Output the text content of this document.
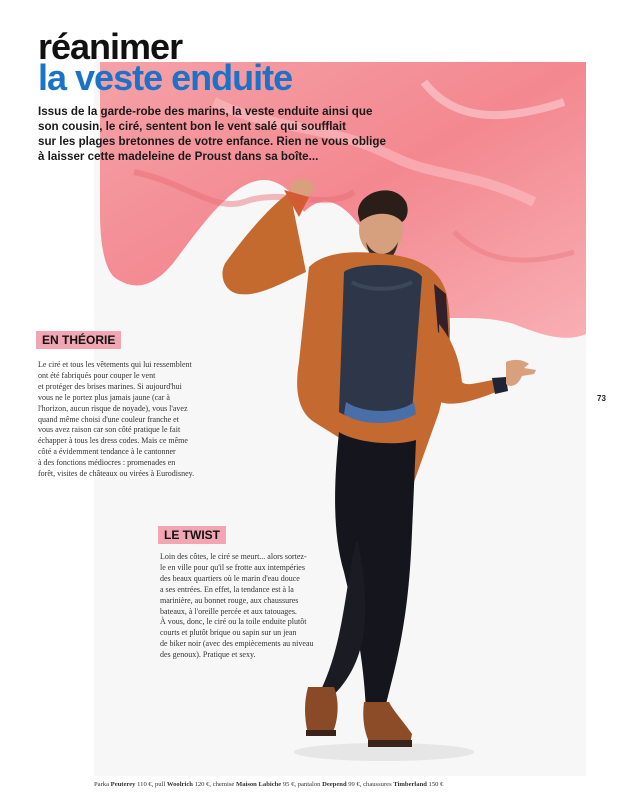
réanimer
la veste enduite
Issus de la garde-robe des marins, la veste enduite ainsi que
son cousin, le ciré, sentent bon le vent salé qui soufflait
sur les plages bretonnes de votre enfance. Rien ne vous oblige
à laisser cette madeleine de Proust dans sa boîte...
EN THÉORIE
Le ciré et tous les vêtements qui lui ressemblent
ont été fabriqués pour couper le vent
et protéger des brises marines. Si aujourd'hui
vous ne le portez plus jamais jaune (car à
l'horizon, aucun risque de noyade), vous l'avez
quand même choisi d'une couleur franche et
vous avez raison car son côté pratique le fait
échapper à tous les dress codes. Mais ce même
côté a évidemment tendance à le cantonner
à des fonctions médiocres : promenades en
forêt, visites de châteaux ou virées à Eurodisney.
LE TWIST
Loin des côtes, le ciré se meurt... alors sortez-
le en ville pour qu'il se frotte aux intempéries
des beaux quartiers où le marin d'eau douce
a ses entrées. En effet, la tendance est à la
marinière, au bonnet rouge, aux chaussures
bateaux, à l'oreille percée et aux tatouages.
À vous, donc, le ciré ou la toile enduite plutôt
courts et plutôt brique ou sapin sur un jean
de biker noir (avec des empiècements au niveau
des genoux). Pratique et sexy.
73
Parka Peuterey 110 €, pull Woolrich 120 €, chemise Maison Labiche 95 €, pantalon Deepend 99 €, chaussures Timberland 150 €
